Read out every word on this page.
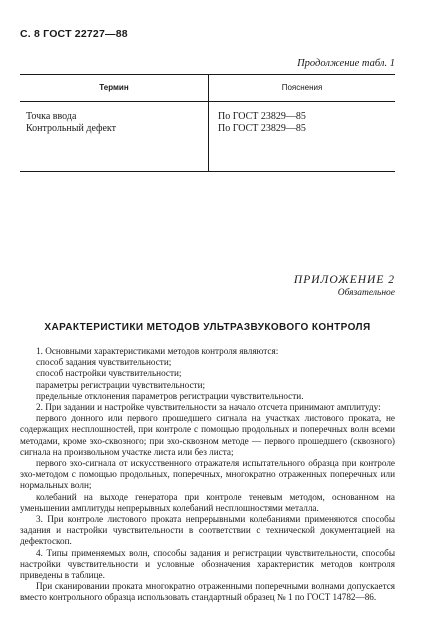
С. 8 ГОСТ 22727—88
Продолжение табл. 1
Термин	Пояснения
Точка ввода
Контрольный дефект
По ГОСТ 23829—85
По ГОСТ 23829—85
ПРИЛОЖЕНИЕ 2
Обязательное
ХАРАКТЕРИСТИКИ МЕТОДОВ УЛЬТРАЗВУКОВОГО КОНТРОЛЯ

1. Основными характеристиками методов контроля являются:

способ задания чувствительности;

способ настройки чувствительности;

параметры регистрации чувствительности;

предельные отклонения параметров регистрации чувствительности.

2. При задании и настройке чувствительности за начало отсчета принимают амплитуду:

первого донного или первого прошедшего сигнала на участках листового проката, не содержащих несплошностей, при контроле с помощью продольных и поперечных волн всеми методами, кроме эхо-сквозного; при эхо-сквозном методе — первого прошедшего (сквозного) сигнала на произвольном участке листа или без листа;

первого эхо-сигнала от искусственного отражателя испытательного образца при контроле эхо-методом с помощью продольных, поперечных, многократно отраженных поперечных или нормальных волн;

колебаний на выходе генератора при контроле теневым методом, основанном на уменьшении амплитуды непрерывных колебаний несплошностями металла.

3. При контроле листового проката непрерывными колебаниями применяются способы задания и настройки чувствительности в соответствии с технической документацией на дефектоскоп.

4. Типы применяемых волн, способы задания и регистрации чувствительности, способы настройки чувствительности и условные обозначения характеристик методов контроля приведены в таблице.

При сканировании проката многократно отраженными поперечными волнами допускается вместо контрольного образца использовать стандартный образец № 1 по ГОСТ 14782—86.
